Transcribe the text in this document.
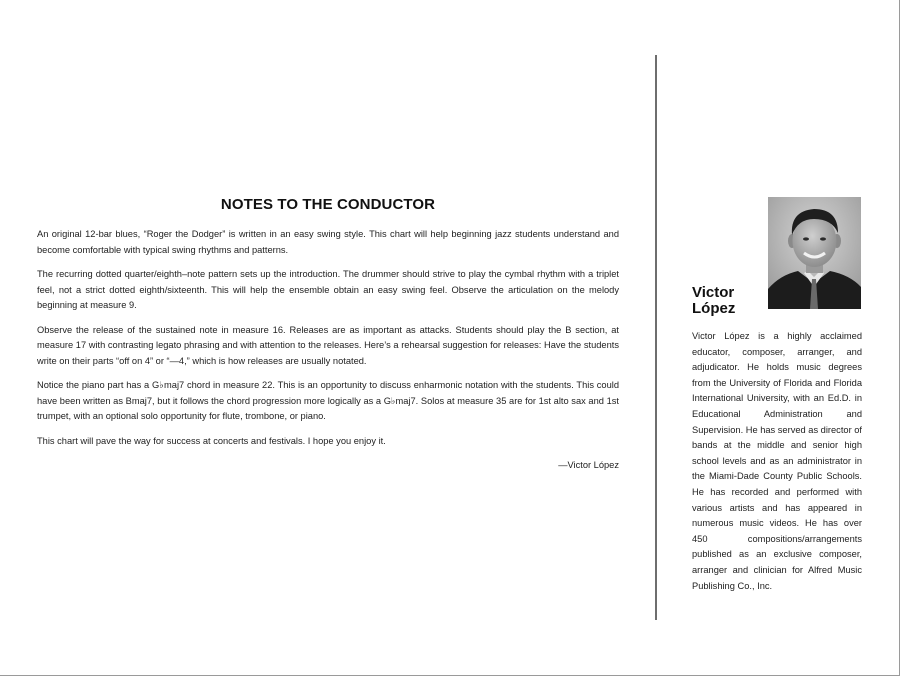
NOTES TO THE CONDUCTOR

An original 12-bar blues, “Roger the Dodger” is written in an easy swing style. This chart will help beginning jazz students understand and become comfortable with typical swing rhythms and patterns.

The recurring dotted quarter/eighth–note pattern sets up the introduction. The drummer should strive to play the cymbal rhythm with a triplet feel, not a strict dotted eighth/sixteenth. This will help the ensemble obtain an easy swing feel. Observe the articulation on the melody beginning at measure 9.

Observe the release of the sustained note in measure 16. Releases are as important as attacks. Students should play the B section, at measure 17 with contrasting legato phrasing and with attention to the releases. Here’s a rehearsal suggestion for releases: Have the students write on their parts “off on 4” or “—4,” which is how releases are usually notated.

Notice the piano part has a G♭maj7 chord in measure 22. This is an opportunity to discuss enharmonic notation with the students. This could have been written as Bmaj7, but it follows the chord progression more logically as a G♭maj7. Solos at measure 35 are for 1st alto sax and 1st trumpet, with an optional solo opportunity for flute, trombone, or piano.

This chart will pave the way for success at concerts and festivals. I hope you enjoy it.

—Victor López

Victor
López
Victor López is a highly acclaimed educator, composer, arranger, and adjudicator. He holds music degrees from the University of Florida and Florida International University, with an Ed.D. in Educational Administration and Supervision. He has served as director of bands at the middle and senior high school levels and as an administrator in the Miami-Dade County Public Schools. He has recorded and performed with various artists and has appeared in numerous music videos. He has over 450 compositions/arrangements published as an exclusive composer, arranger and clinician for Alfred Music Publishing Co., Inc.
